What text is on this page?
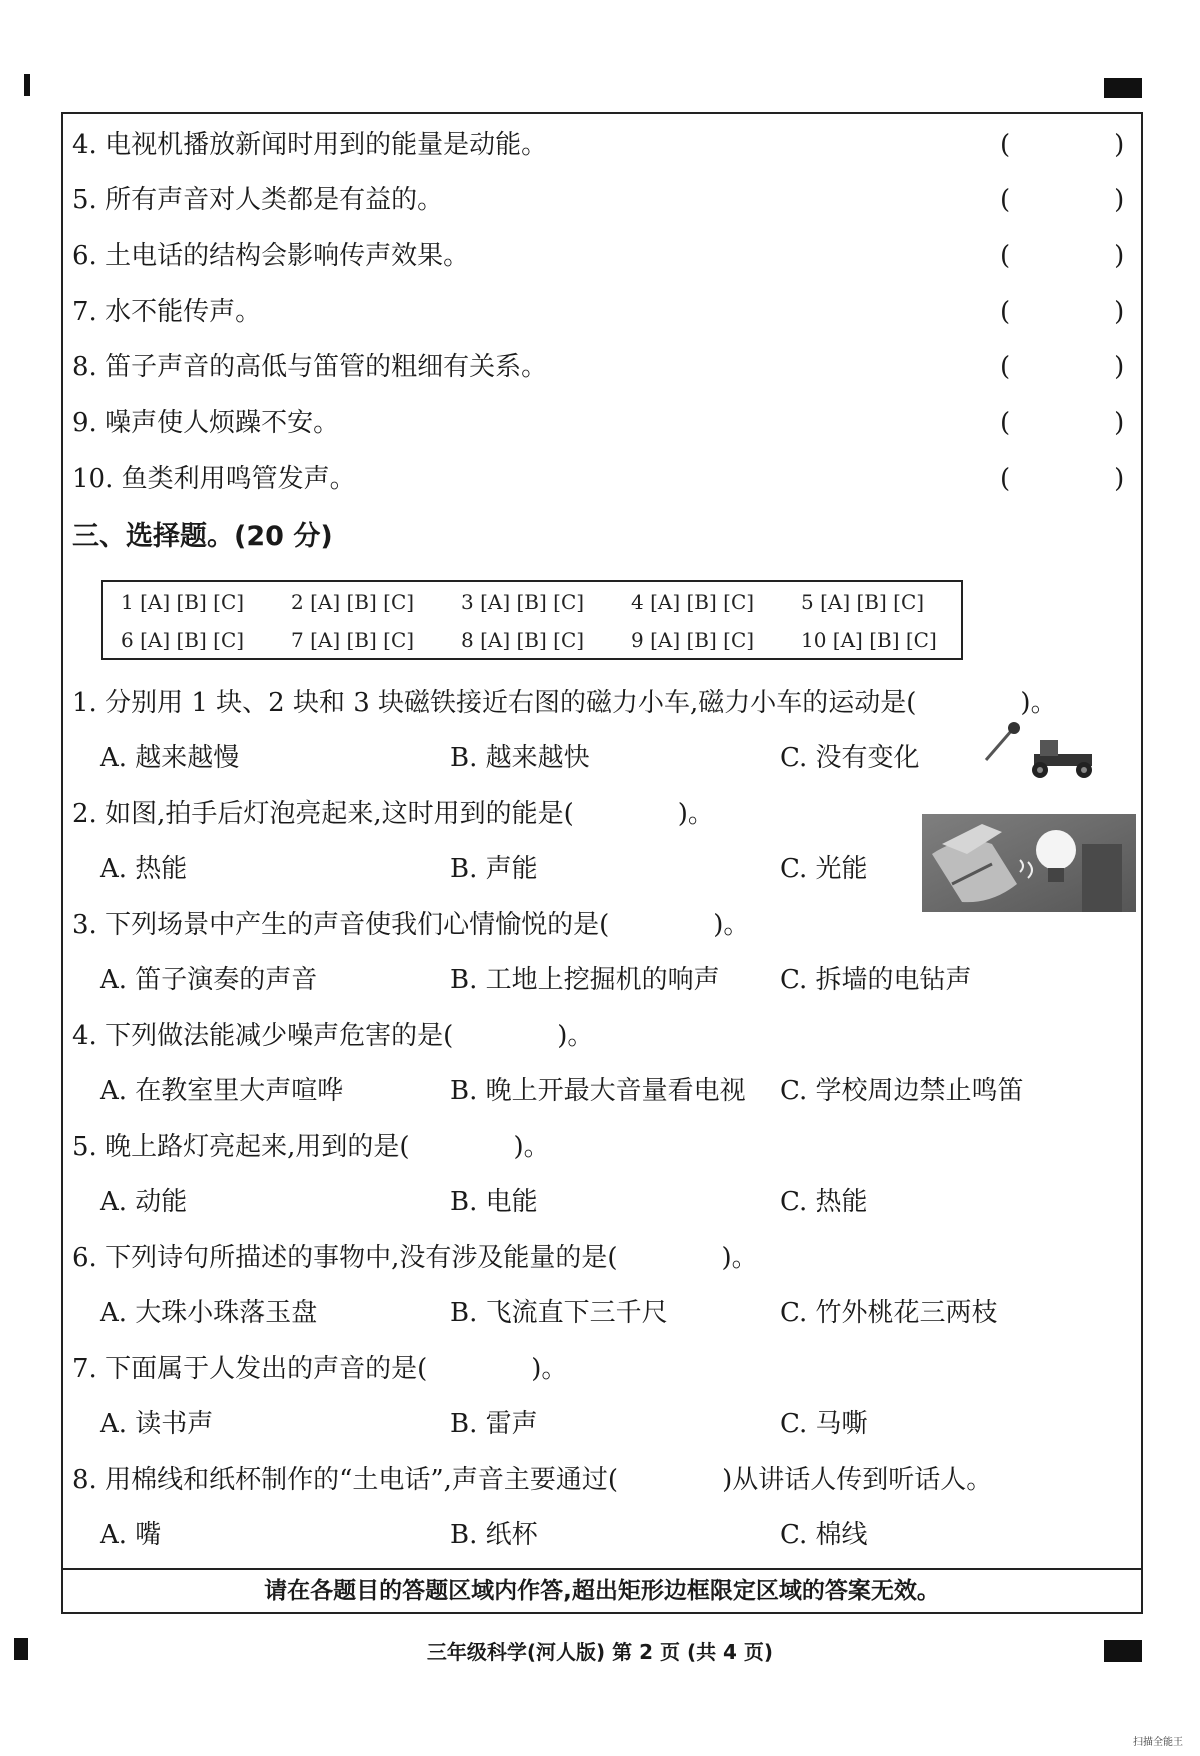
4. 电视机播放新闻时用到的能量是动能。	(　　　　)
5. 所有声音对人类都是有益的。	(　　　　)
6. 土电话的结构会影响传声效果。	(　　　　)
7. 水不能传声。	(　　　　)
8. 笛子声音的高低与笛管的粗细有关系。	(　　　　)
9. 噪声使人烦躁不安。	(　　　　)
10. 鱼类利用鸣管发声。	(　　　　)
三、选择题。(20 分)
1 [A] [B] [C] 2 [A] [B] [C] 3 [A] [B] [C] 4 [A] [B] [C] 5 [A] [B] [C]
6 [A] [B] [C] 7 [A] [B] [C] 8 [A] [B] [C] 9 [A] [B] [C] 10 [A] [B] [C]
1. 分别用 1 块、2 块和 3 块磁铁接近右图的磁力小车,磁力小车的运动是(　　　　)。
A. 越来越慢	B. 越来越快	C. 没有变化
2. 如图,拍手后灯泡亮起来,这时用到的能是(　　　　)。
A. 热能	B. 声能	C. 光能
3. 下列场景中产生的声音使我们心情愉悦的是(　　　　)。
A. 笛子演奏的声音	B. 工地上挖掘机的响声 C. 拆墙的电钻声
4. 下列做法能减少噪声危害的是(　　　　)。
A. 在教室里大声喧哗	B. 晚上开最大音量看电视 C. 学校周边禁止鸣笛
5. 晚上路灯亮起来,用到的是(　　　　)。
A. 动能	B. 电能	C. 热能
6. 下列诗句所描述的事物中,没有涉及能量的是(　　　　)。
A. 大珠小珠落玉盘	B. 飞流直下三千尺	C. 竹外桃花三两枝
7. 下面属于人发出的声音的是(　　　　)。
A. 读书声	B. 雷声	C. 马嘶
8. 用棉线和纸杯制作的“土电话”,声音主要通过(　　　　)从讲话人传到听话人。
A. 嘴	B. 纸杯	C. 棉线
请在各题目的答题区域内作答,超出矩形边框限定区域的答案无效。
三年级科学(河人版) 第 2 页 (共 4 页)
扫描全能王
